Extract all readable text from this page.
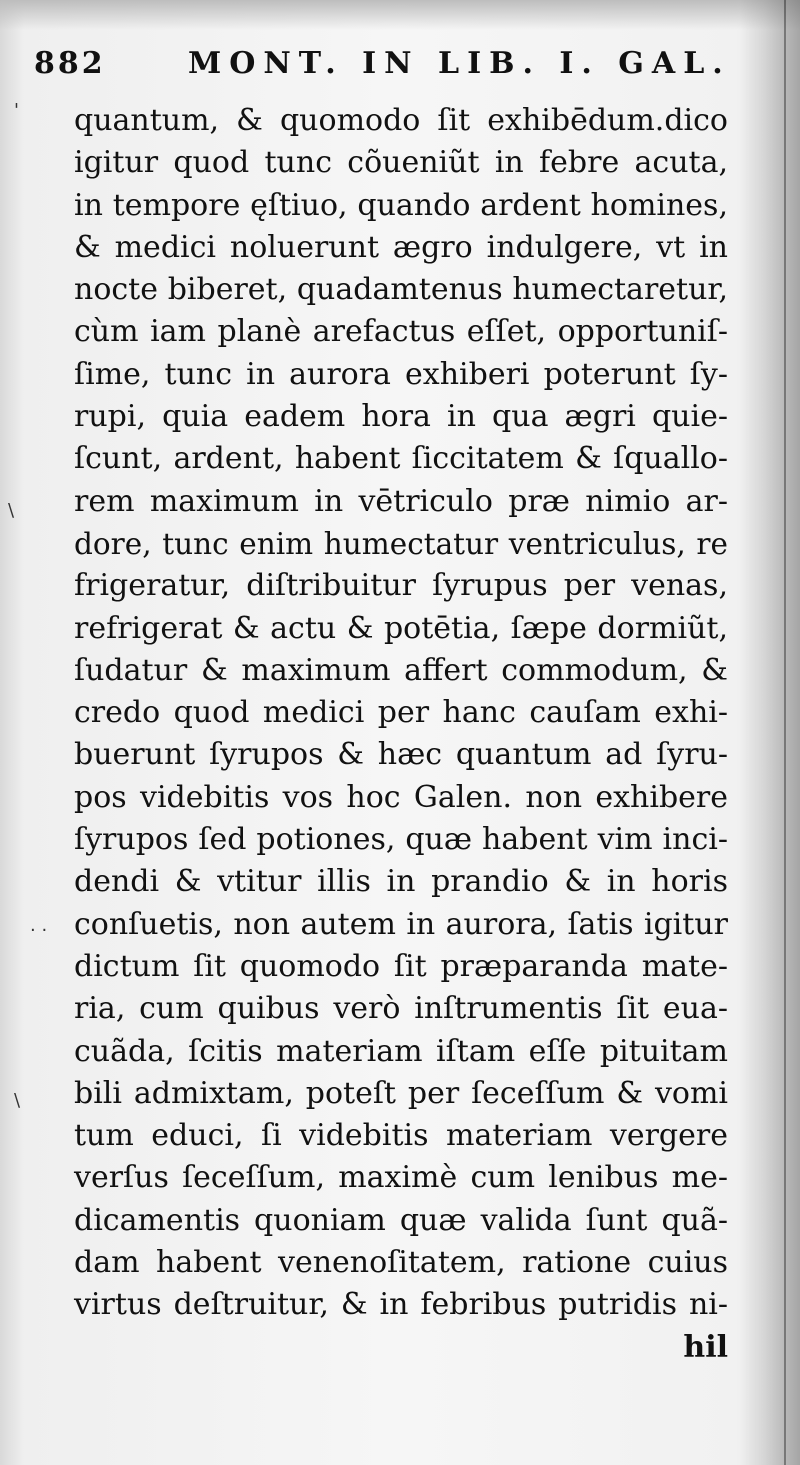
882	MONT. IN LIB. I. GAL.
quantum, & quomodo ſit exhibēdum.dico
igitur quod tunc cõueniũt in febre acuta,
in tempore ęſtiuo, quando ardent homines,
& medici noluerunt ægro indulgere, vt in
nocte biberet, quadamtenus humectaretur,
cùm iam planè arefactus eſſet, opportuniſ-
ſime, tunc in aurora exhiberi poterunt ſy-
rupi, quia eadem hora in qua ægri quie-
ſcunt, ardent, habent ſiccitatem & ſquallo-
rem maximum in vētriculo præ nimio ar-
dore, tunc enim humectatur ventriculus, re
frigeratur, diſtribuitur ſyrupus per venas,
refrigerat & actu & potētia, ſæpe dormiũt,
ſudatur & maximum affert commodum, &
credo quod medici per hanc cauſam exhi-
buerunt ſyrupos & hæc quantum ad ſyru-
pos videbitis vos hoc Galen. non exhibere
ſyrupos ſed potiones, quæ habent vim inci-
dendi & vtitur illis in prandio & in horis
conſuetis, non autem in aurora, ſatis igitur
dictum ſit quomodo ſit præparanda mate-
ria, cum quibus verò inſtrumentis ſit eua-
cuãda, ſcitis materiam iſtam eſſe pituitam
bili admixtam, poteſt per ſeceſſum & vomi
tum educi, ſi videbitis materiam vergere
verſus ſeceſſum, maximè cum lenibus me-
dicamentis quoniam quæ valida ſunt quã-
dam habent venenoſitatem, ratione cuius
virtus deſtruitur, & in febribus putridis ni-
hil
'
\
· ·
\
